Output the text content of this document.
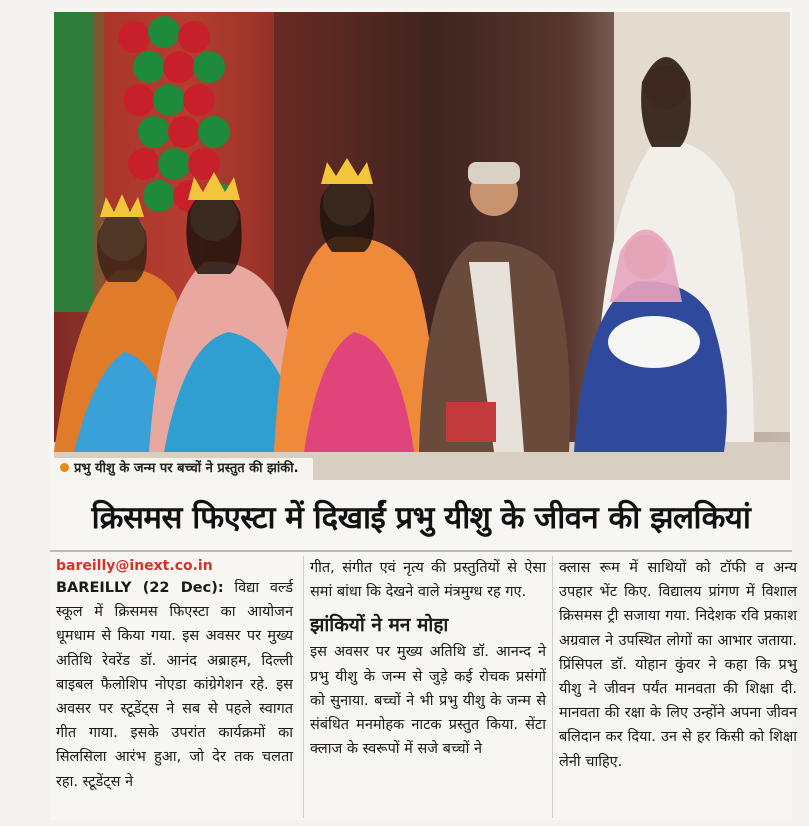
प्रभु यीशु के जन्म पर बच्चों ने प्रस्तुत की झांकी.
क्रिसमस फिएस्टा में दिखाईं प्रभु यीशु के जीवन की झलकियां
bareilly@inext.co.in

BAREILLY (22 Dec): विद्या वर्ल्ड स्कूल में क्रिसमस फिएस्टा का आयोजन धूमधाम से किया गया. इस अवसर पर मुख्य अतिथि रेवरेंड डॉ. आनंद अब्राहम, दिल्ली बाइबल फैलोशिप नोएडा कांग्रेगेशन रहे. इस अवसर पर स्टूडेंट्स ने सब से पहले स्वागत गीत गाया. इसके उपरांत कार्यक्रमों का सिलसिला आरंभ हुआ, जो देर तक चलता रहा. स्टूडेंट्स ने

गीत, संगीत एवं नृत्य की प्रस्तुतियों से ऐसा समां बांधा कि देखने वाले मंत्रमुग्ध रह गए.

झांकियों ने मन मोहा

इस अवसर पर मुख्य अतिथि डॉ. आनन्द ने प्रभु यीशु के जन्म से जुड़े कई रोचक प्रसंगों को सुनाया. बच्चों ने भी प्रभु यीशु के जन्म से संबंधित मनमोहक नाटक प्रस्तुत किया. सेंटा क्लाज के स्वरूपों में सजे बच्चों ने

क्लास रूम में साथियों को टॉफी व अन्य उपहार भेंट किए. विद्यालय प्रांगण में विशाल क्रिसमस ट्री सजाया गया. निदेशक रवि प्रकाश अग्रवाल ने उपस्थित लोगों का आभार जताया. प्रिंसिपल डॉ. योहान कुंवर ने कहा कि प्रभु यीशु ने जीवन पर्यंत मानवता की शिक्षा दी. मानवता की रक्षा के लिए उन्होंने अपना जीवन बलिदान कर दिया. उन से हर किसी को शिक्षा लेनी चाहिए.
